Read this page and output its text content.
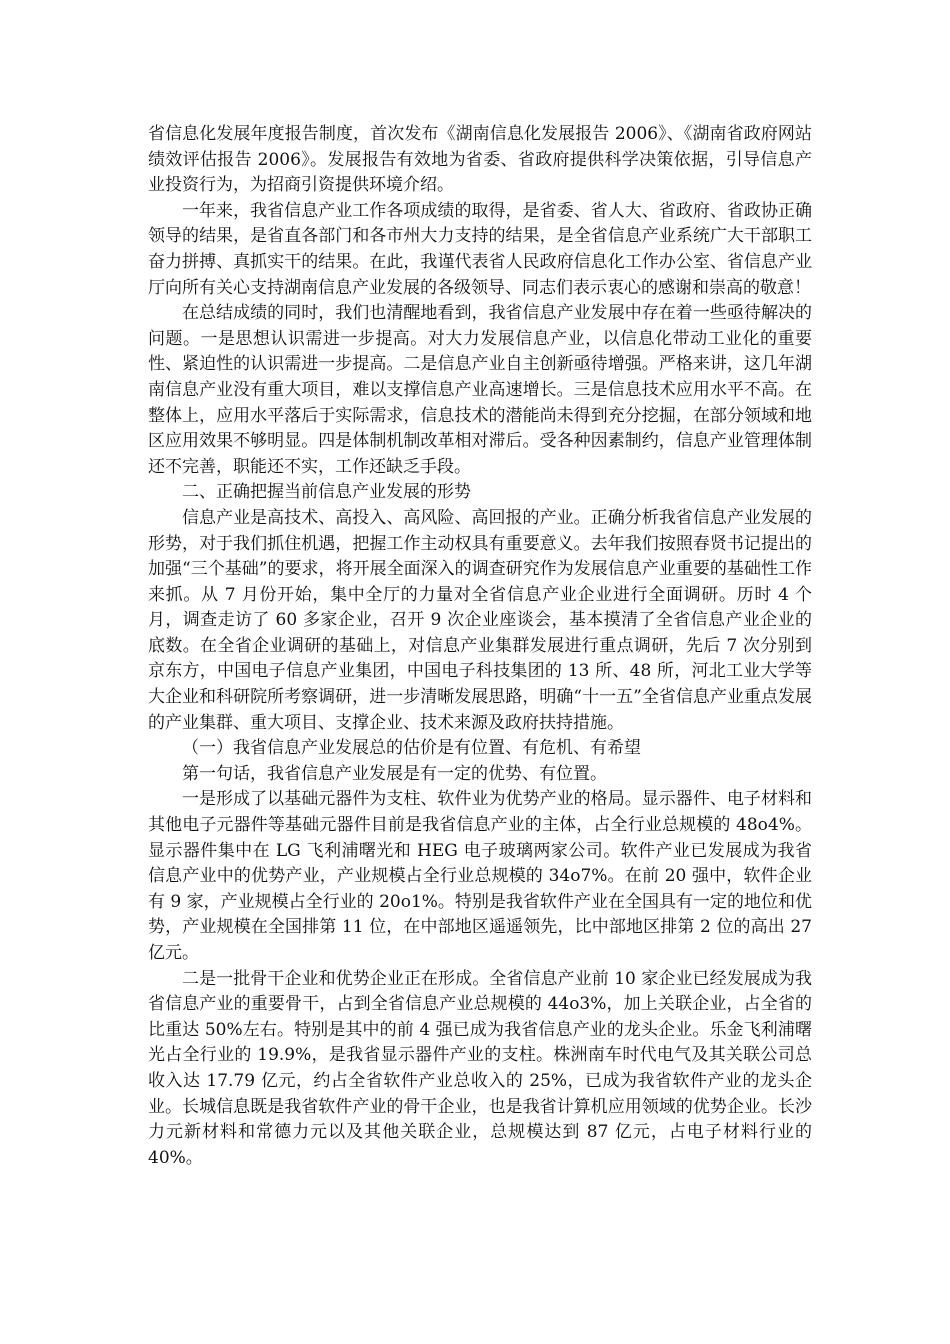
省信息化发展年度报告制度，首次发布《湖南信息化发展报告 2006》、《湖南省政府网站绩效评估报告 2006》。发展报告有效地为省委、省政府提供科学决策依据，引导信息产业投资行为，为招商引资提供环境介绍。

一年来，我省信息产业工作各项成绩的取得，是省委、省人大、省政府、省政协正确领导的结果，是省直各部门和各市州大力支持的结果，是全省信息产业系统广大干部职工奋力拼搏、真抓实干的结果。在此，我谨代表省人民政府信息化工作办公室、省信息产业厅向所有关心支持湖南信息产业发展的各级领导、同志们表示衷心的感谢和崇高的敬意！

在总结成绩的同时，我们也清醒地看到，我省信息产业发展中存在着一些亟待解决的问题。一是思想认识需进一步提高。对大力发展信息产业，以信息化带动工业化的重要性、紧迫性的认识需进一步提高。二是信息产业自主创新亟待增强。严格来讲，这几年湖南信息产业没有重大项目，难以支撑信息产业高速增长。三是信息技术应用水平不高。在整体上，应用水平落后于实际需求，信息技术的潜能尚未得到充分挖掘，在部分领域和地区应用效果不够明显。四是体制机制改革相对滞后。受各种因素制约，信息产业管理体制还不完善，职能还不实，工作还缺乏手段。

二、正确把握当前信息产业发展的形势

信息产业是高技术、高投入、高风险、高回报的产业。正确分析我省信息产业发展的形势，对于我们抓住机遇，把握工作主动权具有重要意义。去年我们按照春贤书记提出的加强“三个基础”的要求，将开展全面深入的调查研究作为发展信息产业重要的基础性工作来抓。从 7 月份开始，集中全厅的力量对全省信息产业企业进行全面调研。历时 4 个月，调查走访了 60 多家企业，召开 9 次企业座谈会，基本摸清了全省信息产业企业的底数。在全省企业调研的基础上，对信息产业集群发展进行重点调研，先后 7 次分别到京东方，中国电子信息产业集团，中国电子科技集团的 13 所、48 所，河北工业大学等大企业和科研院所考察调研，进一步清晰发展思路，明确“十一五”全省信息产业重点发展的产业集群、重大项目、支撑企业、技术来源及政府扶持措施。

（一）我省信息产业发展总的估价是有位置、有危机、有希望

第一句话，我省信息产业发展是有一定的优势、有位置。

一是形成了以基础元器件为支柱、软件业为优势产业的格局。显示器件、电子材料和其他电子元器件等基础元器件目前是我省信息产业的主体，占全行业总规模的 48o4%。显示器件集中在 LG 飞利浦曙光和 HEG 电子玻璃两家公司。软件产业已发展成为我省信息产业中的优势产业，产业规模占全行业总规模的 34o7%。在前 20 强中，软件企业有 9 家，产业规模占全行业的 20o1%。特别是我省软件产业在全国具有一定的地位和优势，产业规模在全国排第 11 位，在中部地区遥遥领先，比中部地区排第 2 位的高出 27 亿元。

二是一批骨干企业和优势企业正在形成。全省信息产业前 10 家企业已经发展成为我省信息产业的重要骨干，占到全省信息产业总规模的 44o3%，加上关联企业，占全省的比重达 50%左右。特别是其中的前 4 强已成为我省信息产业的龙头企业。乐金飞利浦曙光占全行业的 19.9%，是我省显示器件产业的支柱。株洲南车时代电气及其关联公司总收入达 17.79 亿元，约占全省软件产业总收入的 25%，已成为我省软件产业的龙头企业。长城信息既是我省软件产业的骨干企业，也是我省计算机应用领域的优势企业。长沙力元新材料和常德力元以及其他关联企业，总规模达到 87 亿元，占电子材料行业的 40%。
